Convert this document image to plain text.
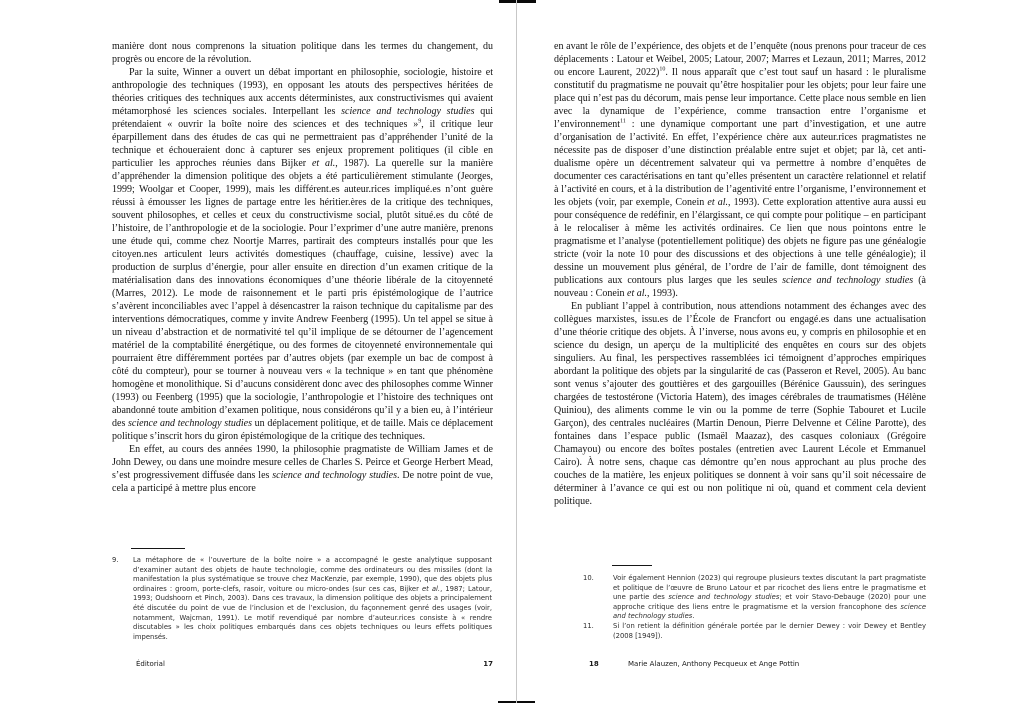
manière dont nous comprenons la situation politique dans les termes du changement, du progrès ou encore de la révolution.

Par la suite, Winner a ouvert un débat important en philosophie, sociologie, histoire et anthropologie des techniques (1993), en opposant les atouts des perspectives héritées de théories critiques des techniques aux accents déterministes, aux constructivismes qui avaient métamorphosé les sciences sociales. Interpellant les science and technology studies qui prétendaient « ouvrir la boîte noire des sciences et des techniques »$^9$, il critique leur éparpillement dans des études de cas qui ne permettraient pas d’appréhender l’unité de la technique et échoueraient donc à capturer ses enjeux proprement politiques (il cible en particulier les approches réunies dans Bijker et al., 1987). La querelle sur la manière d’appréhender la dimension politique des objets a été particulièrement stimulante (Jeorges, 1999; Woolgar et Cooper, 1999), mais les différent.es auteur.rices impliqué.es n’ont guère réussi à émousser les lignes de partage entre les héritier.ères de la critique des techniques, souvent philosophes, et celles et ceux du constructivisme social, plutôt situé.es du côté de l’histoire, de l’anthropologie et de la sociologie. Pour l’exprimer d’une autre manière, prenons une étude qui, comme chez Noortje Marres, partirait des compteurs installés pour que les citoyen.nes articulent leurs activités domestiques (chauffage, cuisine, lessive) avec la production de surplus d’énergie, pour aller ensuite en direction d’un examen critique de la matérialisation dans des innovations économiques d’une théorie libérale de la citoyenneté (Marres, 2012). Le mode de raisonnement et le parti pris épistémologique de l’autrice s’avèrent inconciliables avec l’appel à désencastrer la raison technique du capitalisme par des interventions démocratiques, comme y invite Andrew Feenberg (1995). Un tel appel se situe à un niveau d’abstraction et de normativité tel qu’il implique de se détourner de l’agencement matériel de la comptabilité énergétique, ou des formes de citoyenneté environnementale qui pourraient être différemment portées par d’autres objets (par exemple un bac de compost à côté du compteur), pour se tourner à nouveau vers « la technique » en tant que phénomène homogène et monolithique. Si d’aucuns considèrent donc avec des philosophes comme Winner (1993) ou Feenberg (1995) que la sociologie, l’anthropologie et l’histoire des techniques ont abandonné toute ambition d’examen politique, nous considérons qu’il y a bien eu, à l’intérieur des science and technology studies un déplacement politique, et de taille. Mais ce déplacement politique s’inscrit hors du giron épistémologique de la critique des techniques.

En effet, au cours des années 1990, la philosophie pragmatiste de William James et de John Dewey, ou dans une moindre mesure celles de Charles S. Peirce et George Herbert Mead, s’est progressivement diffusée dans les science and technology studies. De notre point de vue, cela a participé à mettre plus encore

9.	La métaphore de « l’ouverture de la boîte noire » a accompagné le geste analytique supposant d’examiner autant des objets de haute technologie, comme des ordinateurs ou des missiles (dont la manifestation la plus systématique se trouve chez MacKenzie, par exemple, 1990), que des objets plus ordinaires : groom, porte-clefs, rasoir, voiture ou micro-ondes (sur ces cas, Bijker et al., 1987; Latour, 1993; Oudshoorn et Pinch, 2003). Dans ces travaux, la dimension politique des objets a principalement été discutée du point de vue de l’inclusion et de l’exclusion, du façonnement genré des usages (voir, notamment, Wajcman, 1991). Le motif revendiqué par nombre d’auteur.rices consiste à « rendre discutables » les choix politiques embarqués dans ces objets techniques ou leurs effets politiques impensés.
Éditorial	17

en avant le rôle de l’expérience, des objets et de l’enquête (nous prenons pour traceur de ces déplacements : Latour et Weibel, 2005; Latour, 2007; Marres et Lezaun, 2011; Marres, 2012 ou encore Laurent, 2022)$^{10}$. Il nous apparaît que c’est tout sauf un hasard : le pluralisme constitutif du pragmatisme ne pouvait qu’être hospitalier pour les objets; pour leur faire une place qui n’est pas du décorum, mais pense leur importance. Cette place nous semble en lien avec la dynamique de l’expérience, comme transaction entre l’organisme et l’environnement$^{11}$ : une dynamique comportant une part d’investigation, et une autre d’organisation de l’activité. En effet, l’expérience chère aux auteur.rices pragmatistes ne nécessite pas de disposer d’une distinction préalable entre sujet et objet; par là, cet anti-dualisme opère un décentrement salvateur qui va permettre à nombre d’enquêtes de documenter ces caractérisations en tant qu’elles présentent un caractère relationnel et relatif à l’activité en cours, et à la distribution de l’agentivité entre l’organisme, l’environnement et les objets (voir, par exemple, Conein et al., 1993). Cette exploration attentive aura aussi eu pour conséquence de redéfinir, en l’élargissant, ce qui compte pour politique – en participant à le relocaliser à même les activités ordinaires. Ce lien que nous pointons entre le pragmatisme et l’analyse (potentiellement politique) des objets ne figure pas une généalogie stricte (voir la note 10 pour des discussions et des objections à une telle généalogie); il dessine un mouvement plus général, de l’ordre de l’air de famille, dont témoignent des publications aux contours plus larges que les seules science and technology studies (à nouveau : Conein et al., 1993).

En publiant l’appel à contribution, nous attendions notamment des échanges avec des collègues marxistes, issu.es de l’École de Francfort ou engagé.es dans une actualisation d’une théorie critique des objets. À l’inverse, nous avons eu, y compris en philosophie et en science du design, un aperçu de la multiplicité des enquêtes en cours sur des objets singuliers. Au final, les perspectives rassemblées ici témoignent d’approches empiriques abordant la politique des objets par la singularité de cas (Passeron et Revel, 2005). Au banc sont venus s’ajouter des gouttières et des gargouilles (Bérénice Gaussuin), des seringues chargées de testostérone (Victoria Hatem), des images cérébrales de traumatismes (Hélène Quiniou), des aliments comme le vin ou la pomme de terre (Sophie Tabouret et Lucile Garçon), des centrales nucléaires (Martin Denoun, Pierre Delvenne et Céline Parotte), des fontaines dans l’espace public (Ismaël Maazaz), des casques coloniaux (Grégoire Chamayou) ou encore des boîtes postales (entretien avec Laurent Lécole et Emmanuel Cairo). À notre sens, chaque cas démontre qu’en nous approchant au plus proche des couches de la matière, les enjeux politiques se donnent à voir sans qu’il soit nécessaire de déterminer à l’avance ce qui est ou non politique ni où, quand et comment cela devient politique.

10.	Voir également Hennion (2023) qui regroupe plusieurs textes discutant la part pragmatiste et politique de l’œuvre de Bruno Latour et par ricochet des liens entre le pragmatisme et une partie des science and technology studies; et voir Stavo-Debauge (2020) pour une approche critique des liens entre le pragmatisme et la version francophone des science and technology studies.
11.	Si l’on retient la définition générale portée par le dernier Dewey : voir Dewey et Bentley (2008 [1949]).
18	Marie Alauzen, Anthony Pecqueux et Ange Pottin
